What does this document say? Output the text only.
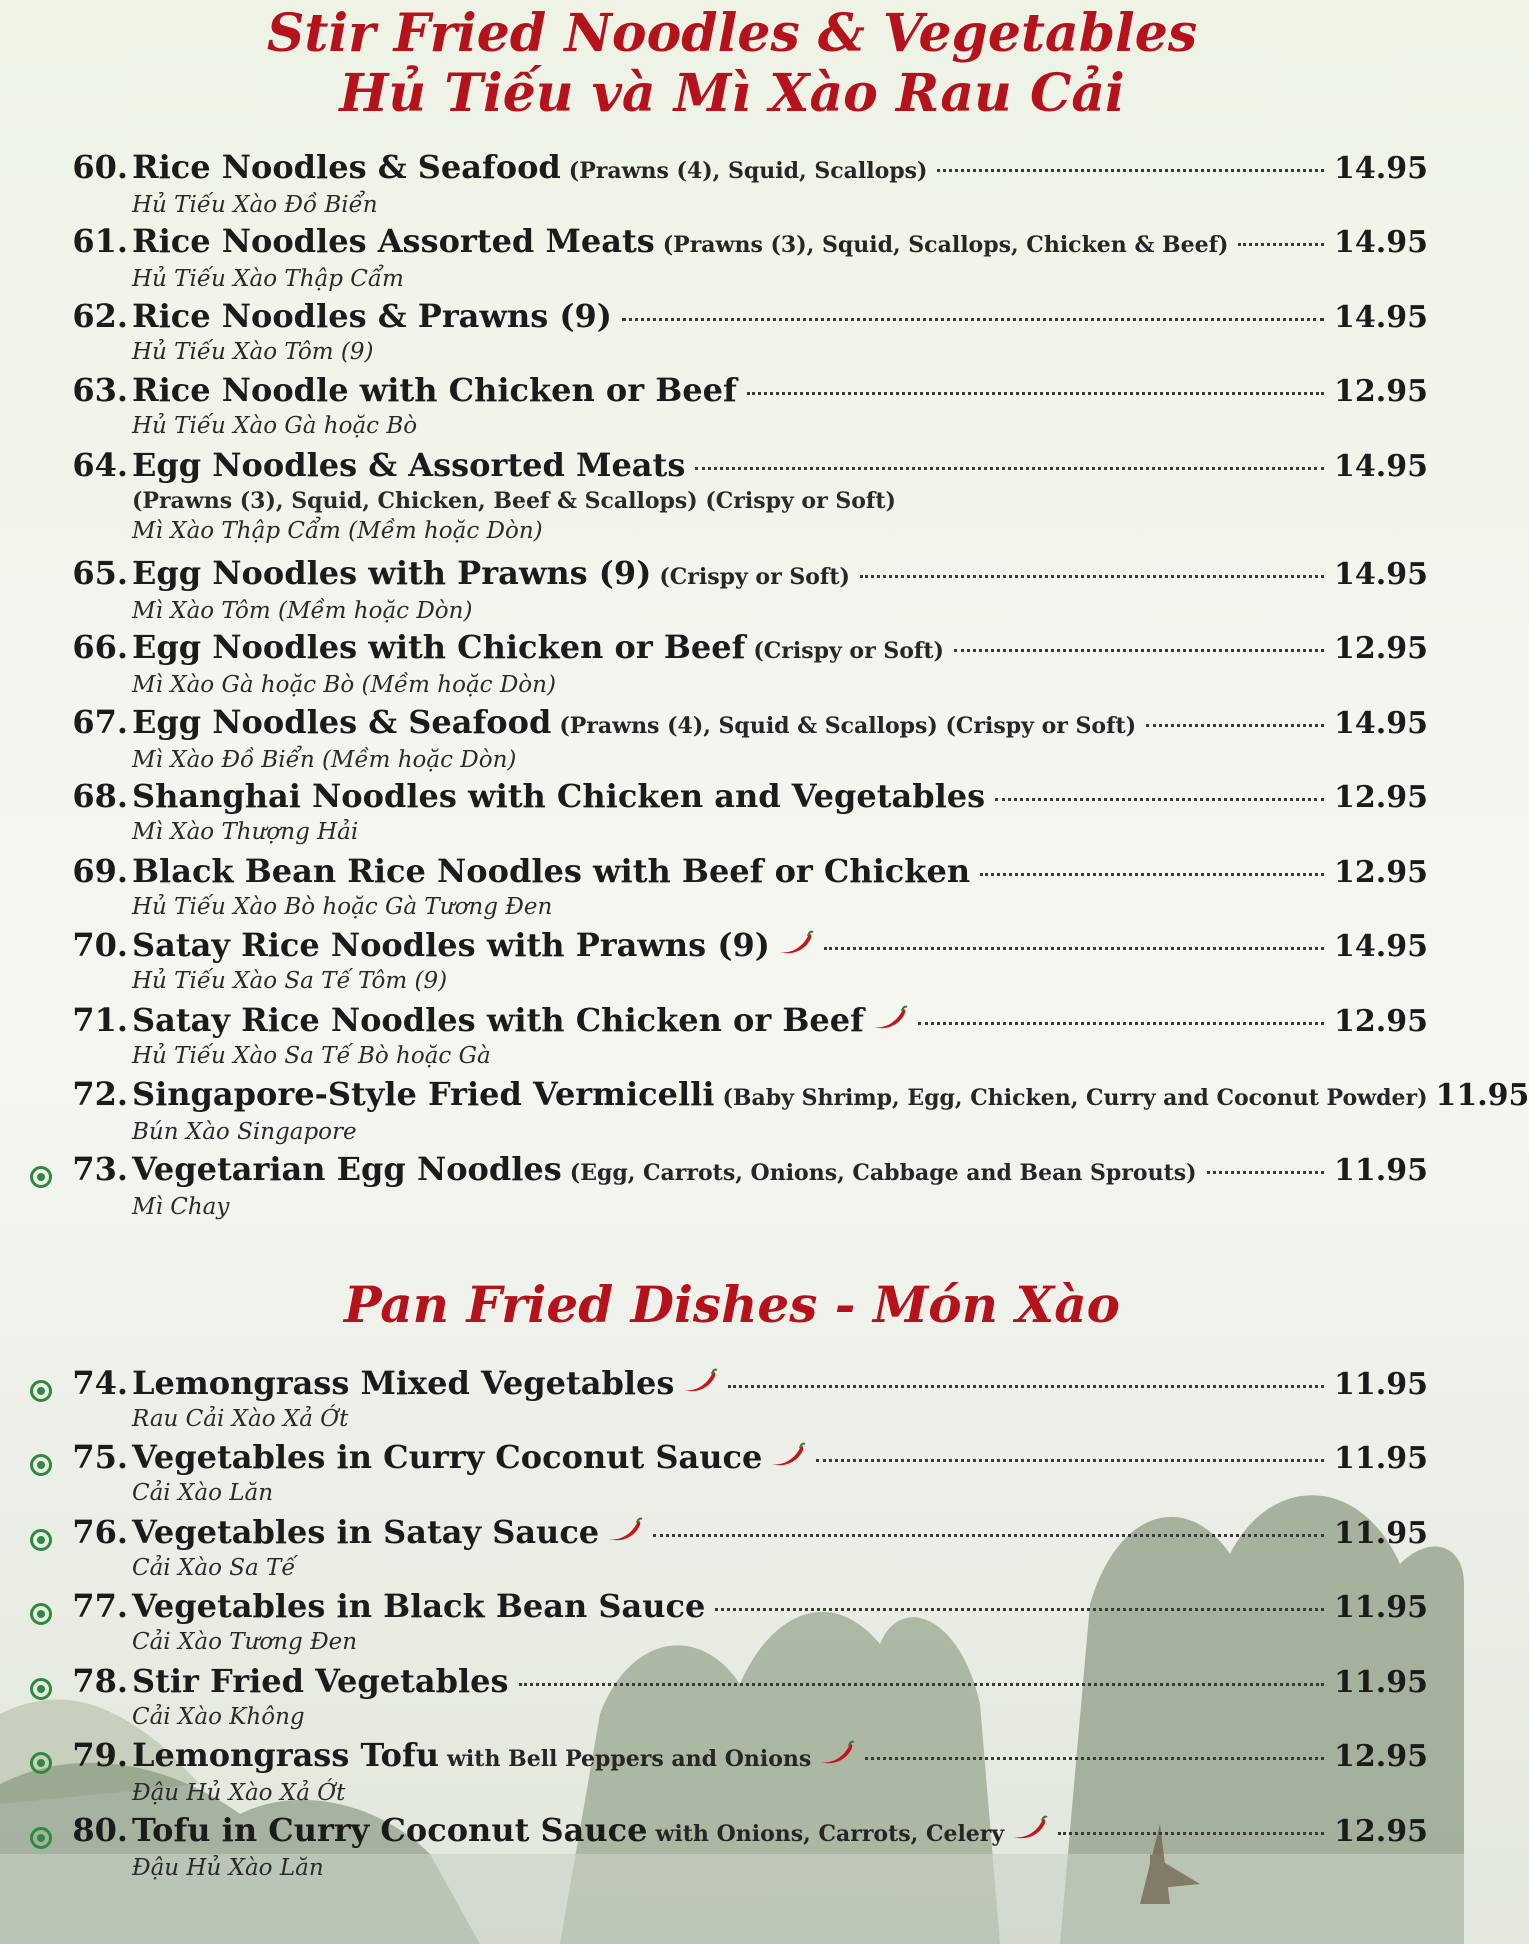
Stir Fried Noodles & Vegetables
Hủ Tiếu và Mì Xào Rau Cải
60. Rice Noodles & Seafood (Prawns (4), Squid, Scallops)	14.95
Hủ Tiếu Xào Đồ Biển
61. Rice Noodles Assorted Meats (Prawns (3), Squid, Scallops, Chicken & Beef)	14.95
Hủ Tiếu Xào Thập Cẩm
62. Rice Noodles & Prawns (9)	14.95
Hủ Tiếu Xào Tôm (9)
63. Rice Noodle with Chicken or Beef	12.95
Hủ Tiếu Xào Gà hoặc Bò
64. Egg Noodles & Assorted Meats	14.95
(Prawns (3), Squid, Chicken, Beef & Scallops) (Crispy or Soft)
Mì Xào Thập Cẩm (Mềm hoặc Dòn)
65. Egg Noodles with Prawns (9) (Crispy or Soft)	14.95
Mì Xào Tôm (Mềm hoặc Dòn)
66. Egg Noodles with Chicken or Beef (Crispy or Soft)	12.95
Mì Xào Gà hoặc Bò (Mềm hoặc Dòn)
67. Egg Noodles & Seafood (Prawns (4), Squid & Scallops) (Crispy or Soft)	14.95
Mì Xào Đồ Biển (Mềm hoặc Dòn)
68. Shanghai Noodles with Chicken and Vegetables	12.95
Mì Xào Thượng Hải
69. Black Bean Rice Noodles with Beef or Chicken	12.95
Hủ Tiếu Xào Bò hoặc Gà Tương Đen
70. Satay Rice Noodles with Prawns (9)	14.95
Hủ Tiếu Xào Sa Tế Tôm (9)
71. Satay Rice Noodles with Chicken or Beef	12.95
Hủ Tiếu Xào Sa Tế Bò hoặc Gà
72. Singapore-Style Fried Vermicelli (Baby Shrimp, Egg, Chicken, Curry and Coconut Powder) 11.95
Bún Xào Singapore
73. Vegetarian Egg Noodles (Egg, Carrots, Onions, Cabbage and Bean Sprouts)	11.95
Mì Chay
Pan Fried Dishes - Món Xào
74. Lemongrass Mixed Vegetables	11.95
Rau Cải Xào Xả Ớt
75. Vegetables in Curry Coconut Sauce	11.95
Cải Xào Lăn
76. Vegetables in Satay Sauce	11.95
Cải Xào Sa Tế
77. Vegetables in Black Bean Sauce	11.95
Cải Xào Tương Đen
78. Stir Fried Vegetables	11.95
Cải Xào Không
79. Lemongrass Tofu with Bell Peppers and Onions	12.95
Đậu Hủ Xào Xả Ớt
80. Tofu in Curry Coconut Sauce with Onions, Carrots, Celery	12.95
Đậu Hủ Xào Lăn
